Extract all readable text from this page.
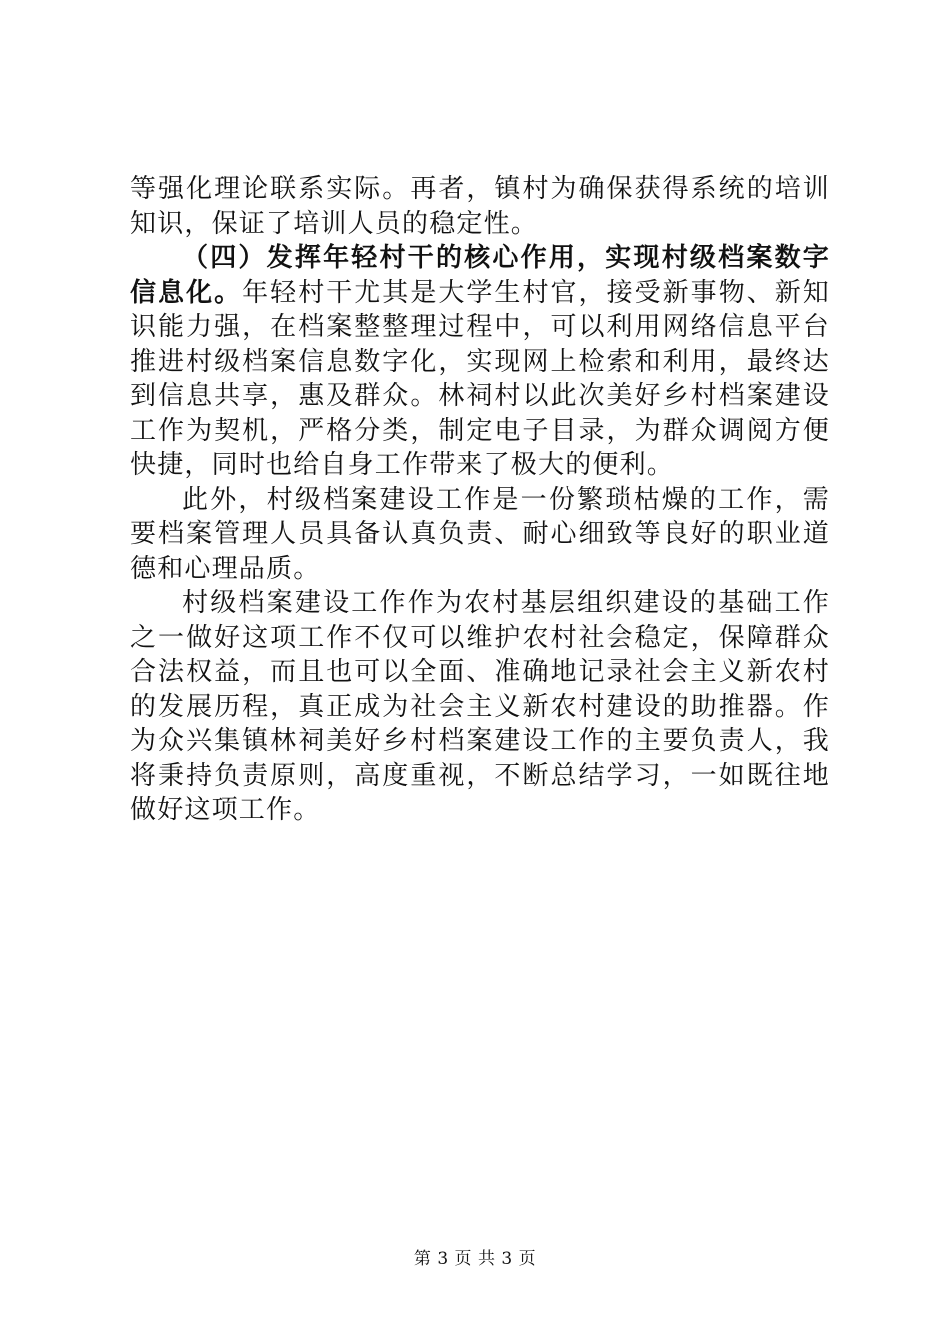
等强化理论联系实际。再者，镇村为确保获得系统的培训知识，保证了培训人员的稳定性。

（四）发挥年轻村干的核心作用，实现村级档案数字信息化。年轻村干尤其是大学生村官，接受新事物、新知识能力强，在档案整整理过程中，可以利用网络信息平台推进村级档案信息数字化，实现网上检索和利用，最终达到信息共享，惠及群众。林祠村以此次美好乡村档案建设工作为契机，严格分类，制定电子目录，为群众调阅方便快捷，同时也给自身工作带来了极大的便利。

此外，村级档案建设工作是一份繁琐枯燥的工作，需要档案管理人员具备认真负责、耐心细致等良好的职业道德和心理品质。

村级档案建设工作作为农村基层组织建设的基础工作之一做好这项工作不仅可以维护农村社会稳定，保障群众合法权益，而且也可以全面、准确地记录社会主义新农村的发展历程，真正成为社会主义新农村建设的助推器。作为众兴集镇林祠美好乡村档案建设工作的主要负责人，我将秉持负责原则，高度重视，不断总结学习，一如既往地做好这项工作。

第 3 页 共 3 页
